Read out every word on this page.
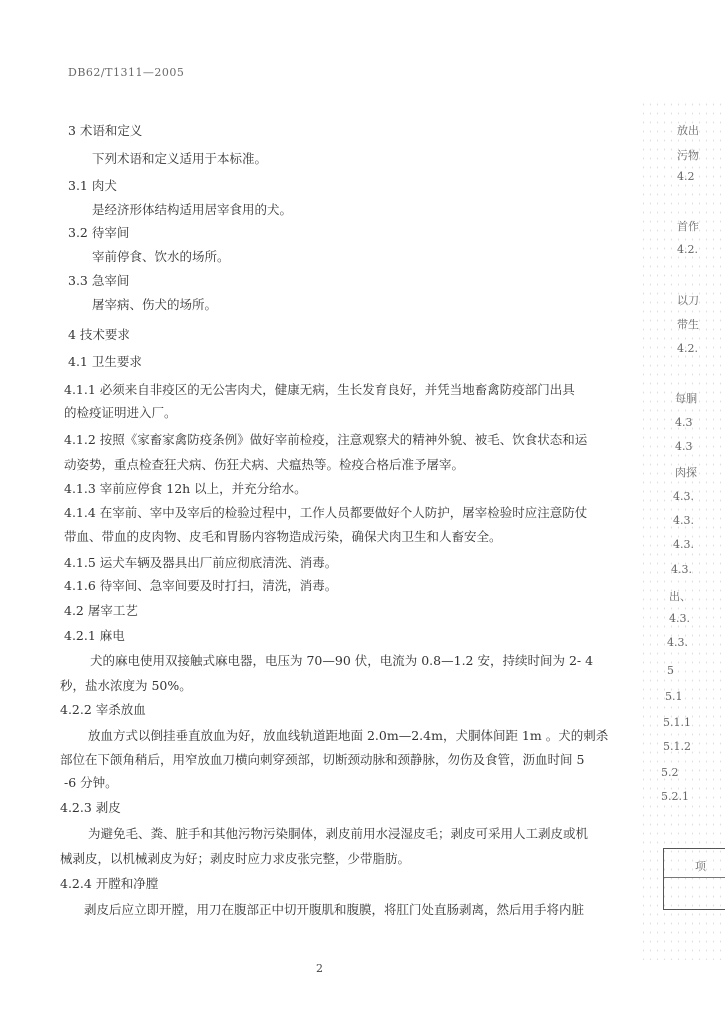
DB62/T1311—2005
3 术语和定义
下列术语和定义适用于本标准。
3.1 肉犬
是经济形体结构适用居宰食用的犬。
3.2 待宰间
宰前停食、饮水的场所。
3.3 急宰间
屠宰病、伤犬的场所。
4 技术要求
4.1 卫生要求
4.1.1 必须来自非疫区的无公害肉犬，健康无病，生长发育良好，并凭当地畜禽防疫部门出具
的检疫证明进入厂。
4.1.2 按照《家畜家禽防疫条例》做好宰前检疫，注意观察犬的精神外貌、被毛、饮食状态和运
动姿势，重点检查狂犬病、伤狂犬病、犬瘟热等。检疫合格后准予屠宰。
4.1.3 宰前应停食 12h 以上，并充分给水。
4.1.4 在宰前、宰中及宰后的检验过程中，工作人员都要做好个人防护，屠宰检验时应注意防仗
带血、带血的皮肉物、皮毛和胃肠内容物造成污染，确保犬肉卫生和人畜安全。
4.1.5 运犬车辆及器具出厂前应彻底清洗、消毒。
4.1.6 待宰间、急宰间要及时打扫，清洗，消毒。
4.2 屠宰工艺
4.2.1 麻电
犬的麻电使用双接触式麻电器，电压为 70—90 伏，电流为 0.8—1.2 安，持续时间为 2- 4
秒，盐水浓度为 50%。
4.2.2 宰杀放血
放血方式以倒挂垂直放血为好，放血线轨道距地面 2.0m—2.4m，犬胴体间距 1m 。犬的刺杀
部位在下颌角稍后，用窄放血刀横向刺穿颈部，切断颈动脉和颈静脉，勿伤及食管，沥血时间 5
-6 分钟。
4.2.3 剥皮
为避免毛、粪、脏手和其他污物污染胴体，剥皮前用水浸湿皮毛；剥皮可采用人工剥皮或机
械剥皮，以机械剥皮为好；剥皮时应力求皮张完整，少带脂肪。
4.2.4 开膛和净膛
剥皮后应立即开膛，用刀在腹部正中切开腹肌和腹膜，将肛门处直肠剥离，然后用手将内脏
2
放出
污物
4.2
首作
4.2.
以刀
带生
4.2.
每胴
4.3
4.3
肉探
4.3.
4.3.
4.3.
4.3.
出、
4.3.
4.3.
5
5.1
5.1.1
5.1.2
5.2
5.2.1
项
